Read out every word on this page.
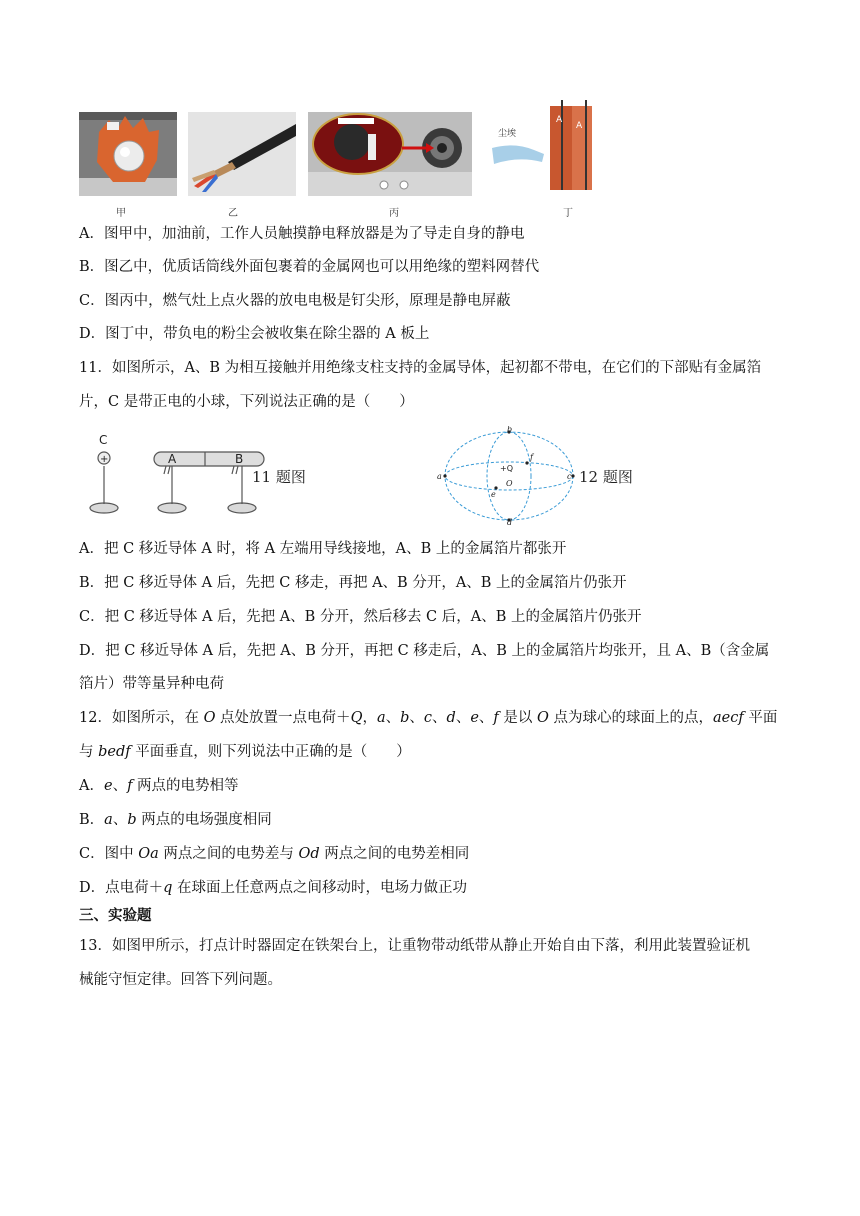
尘埃
A
A
甲	乙	丙	丁
A．图甲中，加油前，工作人员触摸静电释放器是为了导走自身的静电
B．图乙中，优质话筒线外面包裹着的金属网也可以用绝缘的塑料网替代
C．图丙中，燃气灶上点火器的放电电极是钉尖形，原理是静电屏蔽
D．图丁中，带负电的粉尘会被收集在除尘器的 A 板上
11．如图所示，A、B 为相互接触并用绝缘支柱支持的金属导体，起初都不带电，在它们的下部贴有金属箔
片，C 是带正电的小球，下列说法正确的是（　　）
C
+	A	B
11 题图	a	c
b
d
e
f
O
+Q	12 题图
A．把 C 移近导体 A 时，将 A 左端用导线接地，A、B 上的金属箔片都张开
B．把 C 移近导体 A 后，先把 C 移走，再把 A、B 分开，A、B 上的金属箔片仍张开
C．把 C 移近导体 A 后，先把 A、B 分开，然后移去 C 后，A、B 上的金属箔片仍张开
D．把 C 移近导体 A 后，先把 A、B 分开，再把 C 移走后，A、B 上的金属箔片均张开，且 A、B（含金属
箔片）带等量异种电荷
12．如图所示，在 O 点处放置一点电荷＋Q，a、b、c、d、e、f 是以 O 点为球心的球面上的点，aecf 平面
与 bedf 平面垂直，则下列说法中正确的是（　　）
A．e、f 两点的电势相等
B．a、b 两点的电场强度相同
C．图中 Oa 两点之间的电势差与 Od 两点之间的电势差相同
D．点电荷＋q 在球面上任意两点之间移动时，电场力做正功
三、实验题
13．如图甲所示，打点计时器固定在铁架台上，让重物带动纸带从静止开始自由下落，利用此装置验证机
械能守恒定律。回答下列问题。
